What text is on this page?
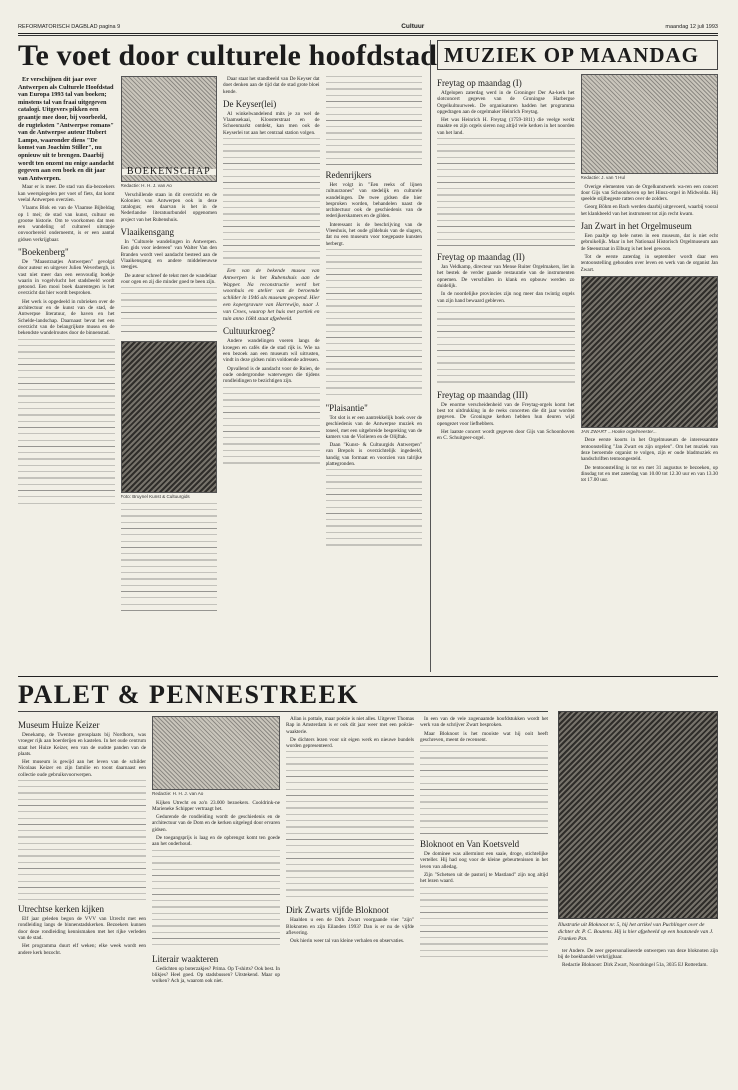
REFORMATORISCH DAGBLAD pagina 9	Cultuur	maandag 12 juli 1993
Te voet door culturele hoofdstad

Er verschijnen dit jaar over Antwerpen als Culturele Hoofdstad van Europa 1993 tal van boeken; minstens tal van fraai uitgegeven catalogi. Uitgevers pikken een graantje mee door, bij voorbeeld, de rugteksten "Antwerpse romans" van de Antwerpse auteur Hubert Lampo, waaronder diens "De komst van Joachim Stiller", nu opnieuw uit te brengen. Daarbij wordt ten onzent nu enige aandacht gegeven aan een boek en dit jaar van Antwerpen.

Maar er is meer. De stad van dia-bezoekers kan weerspiegelen per voet of fiets, dat komt veelal Antwerpen overzien.

Vlaams Blok en van de Vlaamse Bijbeldag op 1 mei; de stad van kunst, cultuur en grootse historie. Om te voorkomen dat men een wandeling of cultureel uitstapje onvoorbereid onderneemt, is er een aantal gidsen verkrijgbaar.

"Boekenberg"

De "Maasstraatjes Antwerpen" gevolgd door auteur en uitgever Julien Weverbergh, is vast niet meer dan een eenvoudig boekje waarin in vogelvlucht het stadsbeeld wordt getoond. Een mooi boek daarentegen is het overzicht dat hier wordt besproken.

Het werk is opgedeeld in rubrieken over de architectuur en de kunst van de stad, de Antwerpse literatuur, de haven en het Schelde-landschap. Daarnaast bevat het een overzicht van de belangrijkste musea en de bekendste wandelroutes door de binnenstad.

BOEKENSCHAP
Redactie: H. H. J. van Ao

Verschillende staan in dit overzicht en de Kolonien van Antwerpen ook in deze catalogus; een daarvan is het in de Nederlandse literatuurbundel opgenomen project van het Rubenshuis.

Vlaaikensgang

In "Culturele wandelingen in Antwerpen. Een gids voor iedereen" van Walter Van den Branden wordt veel aandacht besteed aan de Vlaaikensgang en andere middeleeuwse steegjes.

De auteur schreef de tekst met de wandelaar voor ogen en zij die minder goed te been zijn.

Foto: Bruynel Kunst & Cultuurgids

Daar staat het standbeeld van De Keyser dat doet denken aan de tijd dat de stad grote bloei kende.

De Keyser(lei)

Al winkelwandelend mits je zo wel de Vlaamsekaai, Kloosterstraat en de Schoenmarkt ontdekt, kan men ook de Keyserlei tot aan het centraal station volgen.

Een van de bekende musea van Antwerpen is het Rubenshuis aan de Wapper. Na reconstructie werd het woonhuis en atelier van de beroemde schilder in 1946 als museum geopend. Hier een kopergravure van Harrewijn, naar J. van Croes, waarop het huis met portiek en tuin anno 1684 staat afgebeeld.

Cultuurkroeg?

Andere wandelingen voeren langs de kroegen en cafés die de stad rijk is. Wie na een bezoek aan een museum wil uitrusten, vindt in deze gidsen ruim voldoende adressen.

Opvallend is de aandacht voor de Ruien, de oude ondergrondse waterwegen die tijdens rondleidingen te bezichtigen zijn.

Redenrijkers

Het volgt in "Een reeks of lijnen cultuurzones" van stedelijk en culturele wandelingen. De twee gidsen die hier besproken worden, behandelen naast de architectuur ook de geschiedenis van de rederijkerskamers en de gilden.

Interessant is de beschrijving van de Vleeshuis, het oude gildehuis van de slagers, dat nu een museum voor toegepaste kunsten herbergt.

"Plaisantie"

Tot slot is er een aantrekkelijk boek over de geschiedenis van de Antwerpse muziek en toneel, met een uitgebreide bespreking van de kamers van de Violieren en de Olijftak.

Daan "Kunst- & Cultuurgids Antwerpen" van Brepols is overzichtelijk ingedeeld, handig van formaat en voorzien van talrijke plattegronden.

MUZIEK OP MAANDAG
Freytag op maandag (I)

Afgelopen zaterdag werd in de Groninger Der Aa-kerk het slotconcert gegeven van de Groningse Harbergse Orgelkultuurweek. De organisatoren hadden het programma opgedragen aan de orgelmaker Heinrich Freytag.

Het was Heinrich H. Freytag (1759-1811) die veelge werkt maakte en zijn orgels sieren nog altijd vele kerken in het noorden van het land.

Freytag op maandag (II)

Jan Veldkamp, directeur van Mense Ruiter Orgelmakers, liet in het bestek de verder gaande restauratie van de instrumenten opnemen. De verschillen in klank en opbouw werden zo duidelijk.

In de noordelijke provincies zijn nog meer dan twintig orgels van zijn hand bewaard gebleven.

Freytag op maandag (III)

De enorme verscheidenheid van de Freytag-orgels komt het best tot uitdrukking in de reeks concerten die dit jaar worden gegeven. De Groningse kerken hebben hun deuren wijd opengezet voor liefhebbers.

Het laatste concert wordt gegeven door Gijs van Schoonhoven en C. Schuitgeer-orgel.

Redactie: J. van 't Hul

Overige elementen van de Orgelkunstwerk wa-ren een concert door Gijs van Schoonhoven op het Hinsz-orgel in Midwolda. Hij speelde stijlbegeste ratten over de zolders.

Georg Böhm en Bach werden daarbij uitgevoerd, waarbij vooral het klankbeeld van het instrument tot zijn recht kwam.

Jan Zwart in het Orgelmuseum

Een paaltje op hele noten in een museum, dat is niet echt gebruikelijk. Maar in het Nationaal Historisch Orgelmuseum aan de Steenstraat in Elburg is het heel gewoon.

Tot de eerste zaterdag in september wordt daar een tentoonstelling gehouden over leven en werk van de organist Jan Zwart.

JAN ZWART ...Hooke orgelmeester...

Deze eerste koorts in het Orgelmuseum de interessantste tentoonstelling "Jan Zwart en zijn orgelen". Om het muziek van deze beroemde organist te volgen, zijn er oude bladmuziek en handschriften tentoongesteld.

De tentoonstelling is tot en met 31 augustus te bezoeken, op dinsdag tot en met zaterdag van 10.00 tot 12.30 uur en van 13.30 tot 17.00 uur.

PALET & PENNESTREEK
Museum Huize Keizer

Denekamp, de Twentse grensplaats bij Nordhorn, was vroeger rijk aan boerderijen en kastelen. In het oude centrum staat het Huize Keizer, een van de oudste panden van de plaats.

Het museum is gewijd aan het leven van de schilder Nicolaas Keizer en zijn familie en toont daarnaast een collectie oude gebruiksvoorwerpen.

Utrechtse kerken kijken

Elf jaar geleden begon de VVV van Utrecht met een rondleiding langs de binnenstadskerken. Bezoekers kunnen door deze rondleiding kennismaken met het rijke verleden van de stad.

Het programma duurt elf weken; elke week wordt een andere kerk bezocht.

Redactie: H. H. J. van Ao

Kijken Utrecht en zo'n 23.000 bezoekers. Cooldrink-ne Marieneke Schipper vertraagt het.

Gedurende de rondleiding wordt de geschiedenis en de architectuur van de Dom en de kerken uitgelegd door ervaren gidsen.

De toegangsprijs is laag en de opbrengst komt ten goede aan het onderhoud.

Literair waakteren

Gedichten op boterzakjes? Prima. Op T-shirts? Ook best. In blikjes? Heel goed. Op stadsbussen? Uitstekend. Maar op wolken? Ach ja, waarom ook niet.

Allan is pottale, maar poézie is niet alles. Uitgever Thomas Rap in Amsterdam is er ook dit jaar weer met een poëzie-waakterie.

De dichters lezen voor uit eigen werk en nieuwe bundels worden gepresenteerd.

Dirk Zwarts vijfde Bloknoot

Haalden u een de Dirk Zwart voorgaande vier "zijn" Bloknoten en zijn Eilanden 1993? Dan is er nu de vijfde aflevering.

Ook hierin weer tal van kleine verhalen en observaties.

In een van de vele zogenaamde hoofdstukken wordt het werk van de schrijver Zwart besproken.

Maar Bloknoot is het mooiste wat hij ooit heeft geschreven, meent de recensent.

Bloknoot en Van Koetsveld

De dominee was allerminst een saaie, droge, stichtelijke verteller. Hij had oog voor de kleine gebeurtenissen in het leven van alledag.

Zijn "Schetsen uit de pastorij te Mastland" zijn nog altijd het lezen waard.

Illustratie uit Bloknoot nr. 5, hij het artikel van Puchlinger over de dichter dr. P. C. Boutens. Hij is hier afgebeeld op een houtsnede van J. Franken Pzn.

ter Andere. De zeer gepersonaliseerde ontwerpen van deze bloknoten zijn bij de boekhandel verkrijgbaar.

Redactie Bloknoot: Dirk Zwart, Noordsingel 51a, 3035 EJ Rotterdam.
